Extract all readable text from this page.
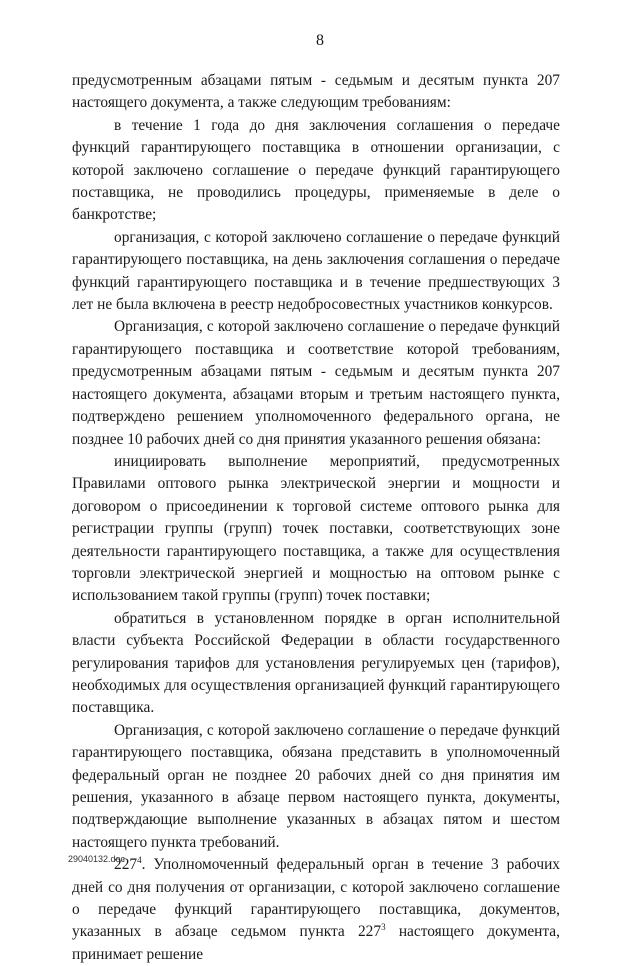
8

предусмотренным абзацами пятым - седьмым и десятым пункта 207 настоящего документа, а также следующим требованиям:

в течение 1 года до дня заключения соглашения о передаче функций гарантирующего поставщика в отношении организации, с которой заключено соглашение о передаче функций гарантирующего поставщика, не проводились процедуры, применяемые в деле о банкротстве;

организация, с которой заключено соглашение о передаче функций гарантирующего поставщика, на день заключения соглашения о передаче функций гарантирующего поставщика и в течение предшествующих 3 лет не была включена в реестр недобросовестных участников конкурсов.

Организация, с которой заключено соглашение о передаче функций гарантирующего поставщика и соответствие которой требованиям, предусмотренным абзацами пятым - седьмым и десятым пункта 207 настоящего документа, абзацами вторым и третьим настоящего пункта, подтверждено решением уполномоченного федерального органа, не позднее 10 рабочих дней со дня принятия указанного решения обязана:

инициировать выполнение мероприятий, предусмотренных Правилами оптового рынка электрической энергии и мощности и договором о присоединении к торговой системе оптового рынка для регистрации группы (групп) точек поставки, соответствующих зоне деятельности гарантирующего поставщика, а также для осуществления торговли электрической энергией и мощностью на оптовом рынке с использованием такой группы (групп) точек поставки;

обратиться в установленном порядке в орган исполнительной власти субъекта Российской Федерации в области государственного регулирования тарифов для установления регулируемых цен (тарифов), необходимых для осуществления организацией функций гарантирующего поставщика.

Организация, с которой заключено соглашение о передаче функций гарантирующего поставщика, обязана представить в уполномоченный федеральный орган не позднее 20 рабочих дней со дня принятия им решения, указанного в абзаце первом настоящего пункта, документы, подтверждающие выполнение указанных в абзацах пятом и шестом настоящего пункта требований.

$227^4$. Уполномоченный федеральный орган в течение 3 рабочих дней со дня получения от организации, с которой заключено соглашение о передаче функций гарантирующего поставщика, документов, указанных в абзаце седьмом пункта $227^3$ настоящего документа, принимает решение

29040132.doc
